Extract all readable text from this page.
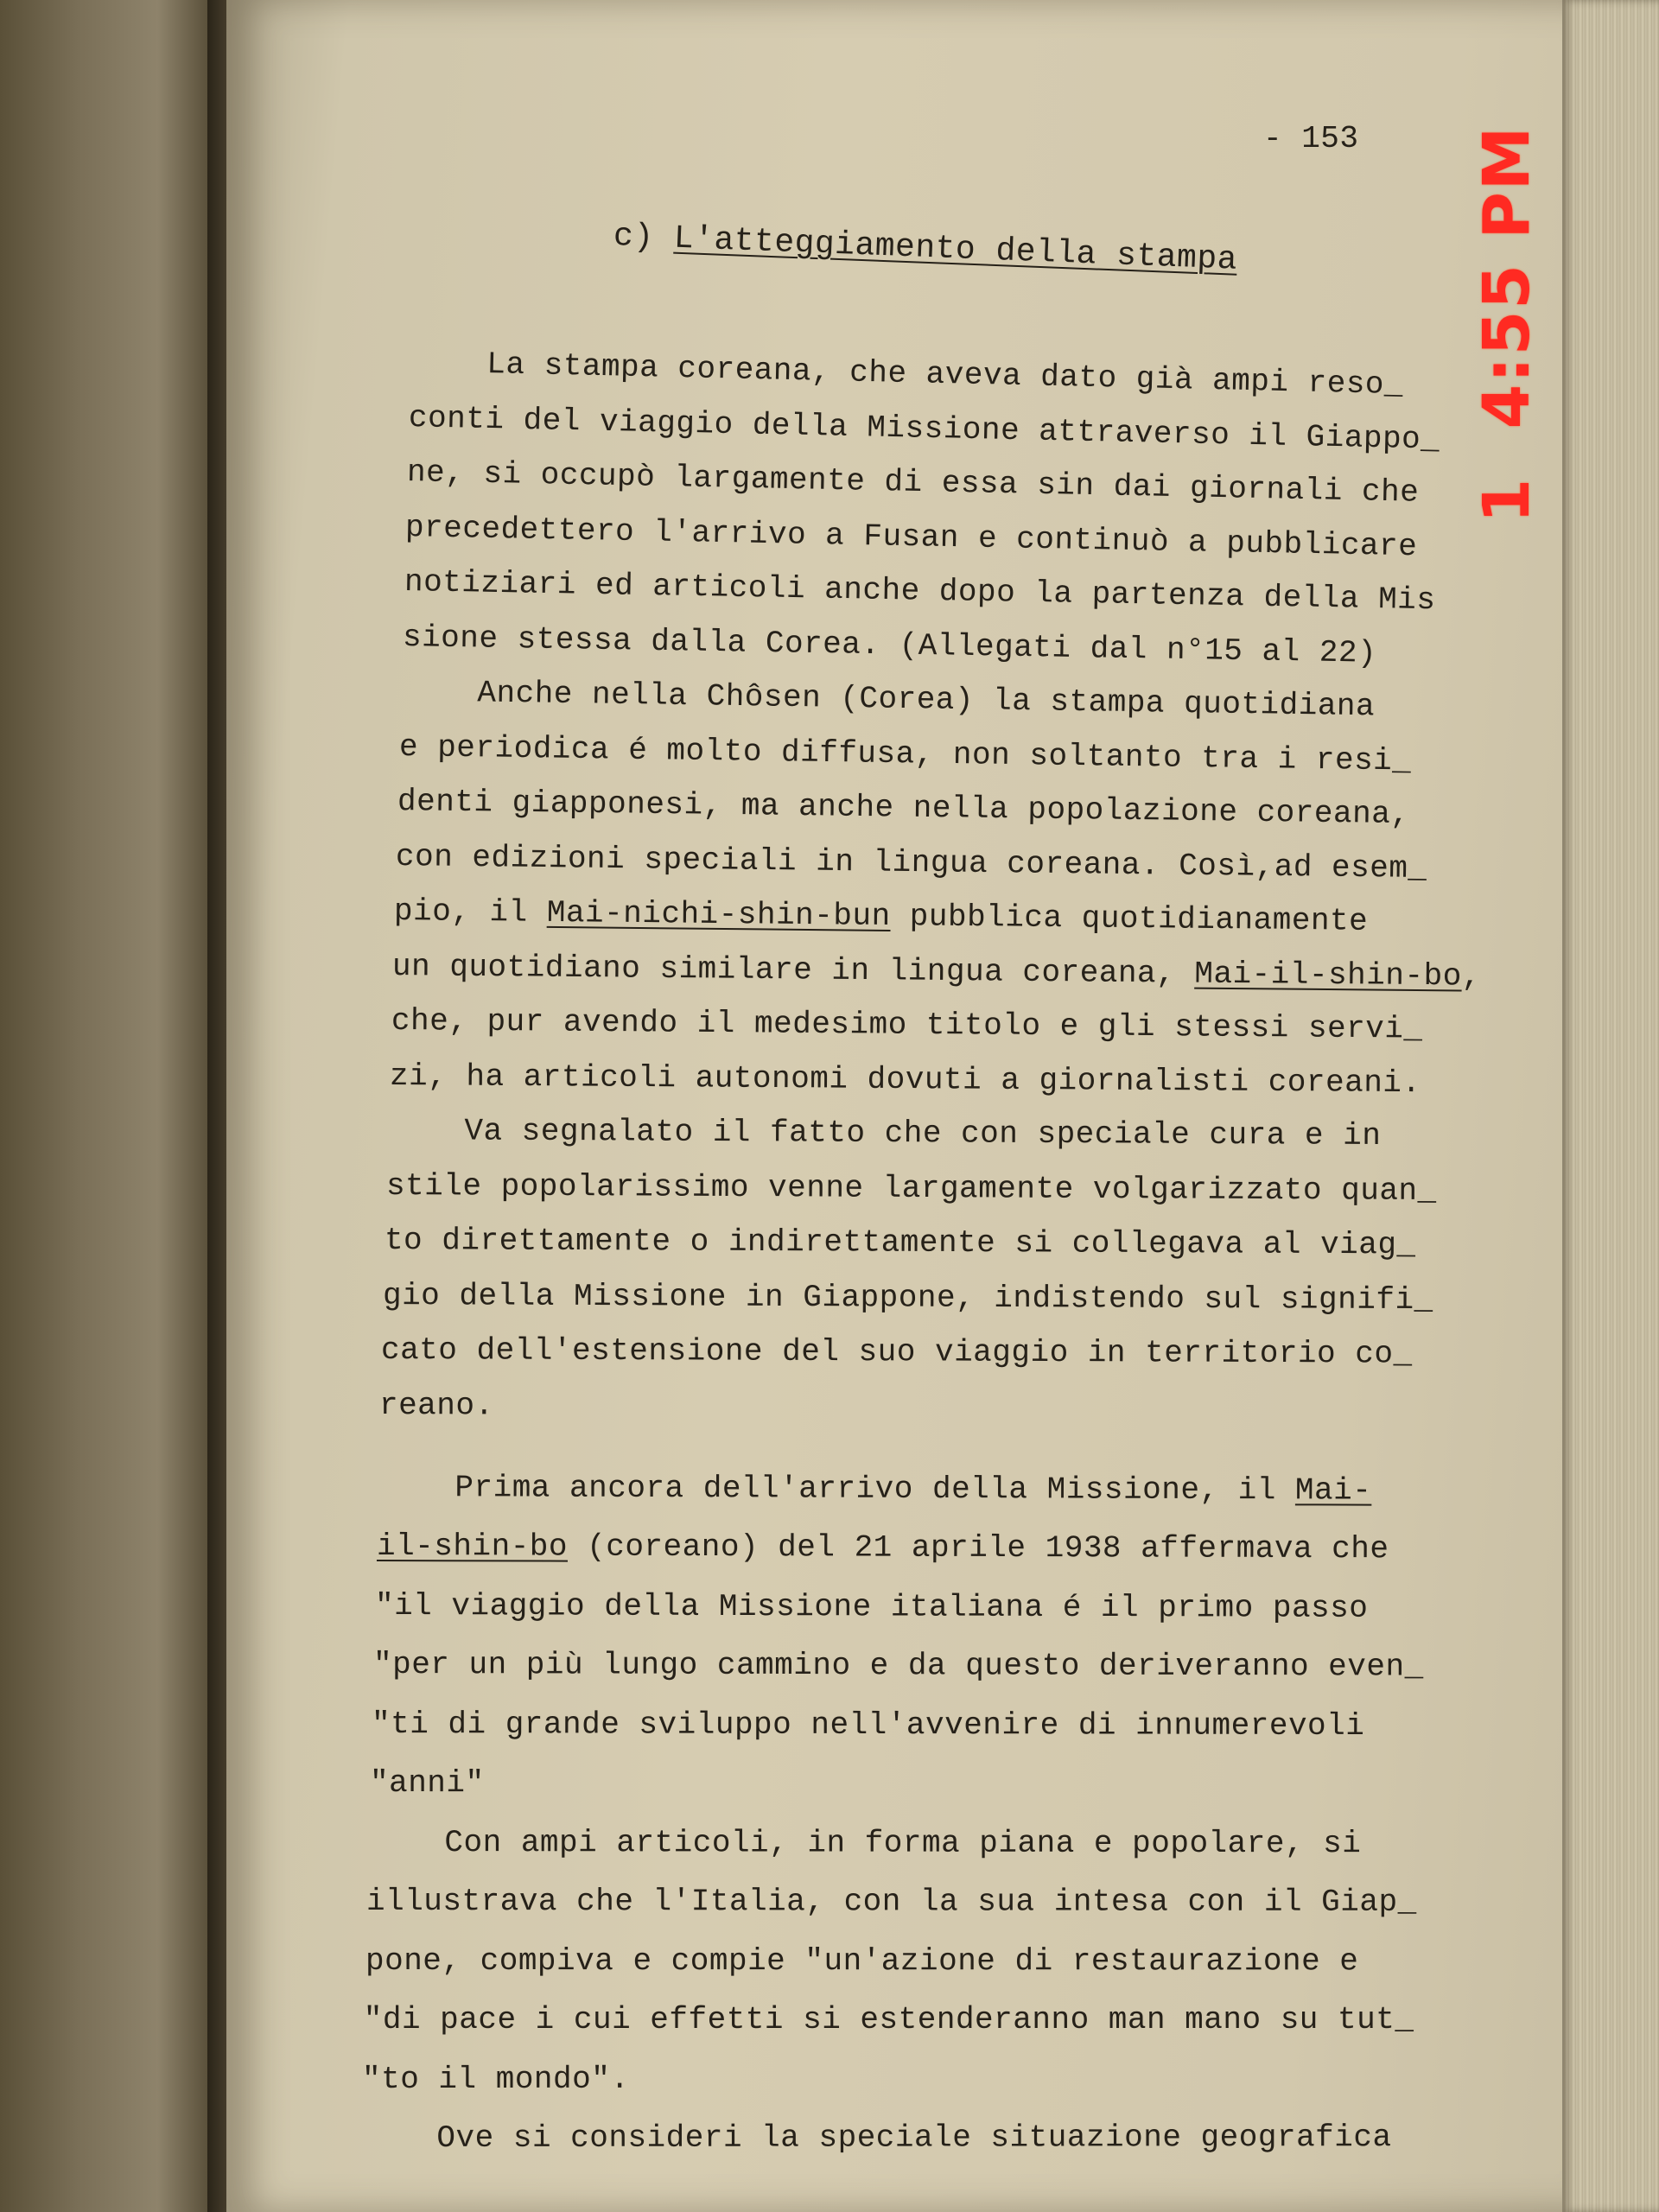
- 153
c) L'atteggiamento della stampa
La stampa coreana, che aveva dato già ampi reso_
conti del viaggio della Missione attraverso il Giappo_
ne, si occupò largamente di essa sin dai giornali che
precedettero l'arrivo a Fusan e continuò a pubblicare
notiziari ed articoli anche dopo la partenza della Mis
sione stessa dalla Corea. (Allegati dal n°15 al 22)
Anche nella Chôsen (Corea) la stampa quotidiana
e periodica é molto diffusa, non soltanto tra i resi_
denti giapponesi, ma anche nella popolazione coreana,
con edizioni speciali in lingua coreana. Così,ad esem_
pio, il Mai-nichi-shin-bun pubblica quotidianamente
un quotidiano similare in lingua coreana, Mai-il-shin-bo,
che, pur avendo il medesimo titolo e gli stessi servi_
zi, ha articoli autonomi dovuti a giornalisti coreani.
Va segnalato il fatto che con speciale cura e in
stile popolarissimo venne largamente volgarizzato quan_
to direttamente o indirettamente si collegava al viag_
gio della Missione in Giappone, indistendo sul signifi_
cato dell'estensione del suo viaggio in territorio co_
reano.
Prima ancora dell'arrivo della Missione, il Mai-
il-shin-bo (coreano) del 21 aprile 1938 affermava che
"il viaggio della Missione italiana é il primo passo
"per un più lungo cammino e da questo deriveranno even_
"ti di grande sviluppo nell'avvenire di innumerevoli
"anni"
Con ampi articoli, in forma piana e popolare, si
illustrava che l'Italia, con la sua intesa con il Giap_
pone, compiva e compie "un'azione di restaurazione e
"di pace i cui effetti si estenderanno man mano su tut_
"to il mondo".
Ove si consideri la speciale situazione geografica
1  4:55 PM
